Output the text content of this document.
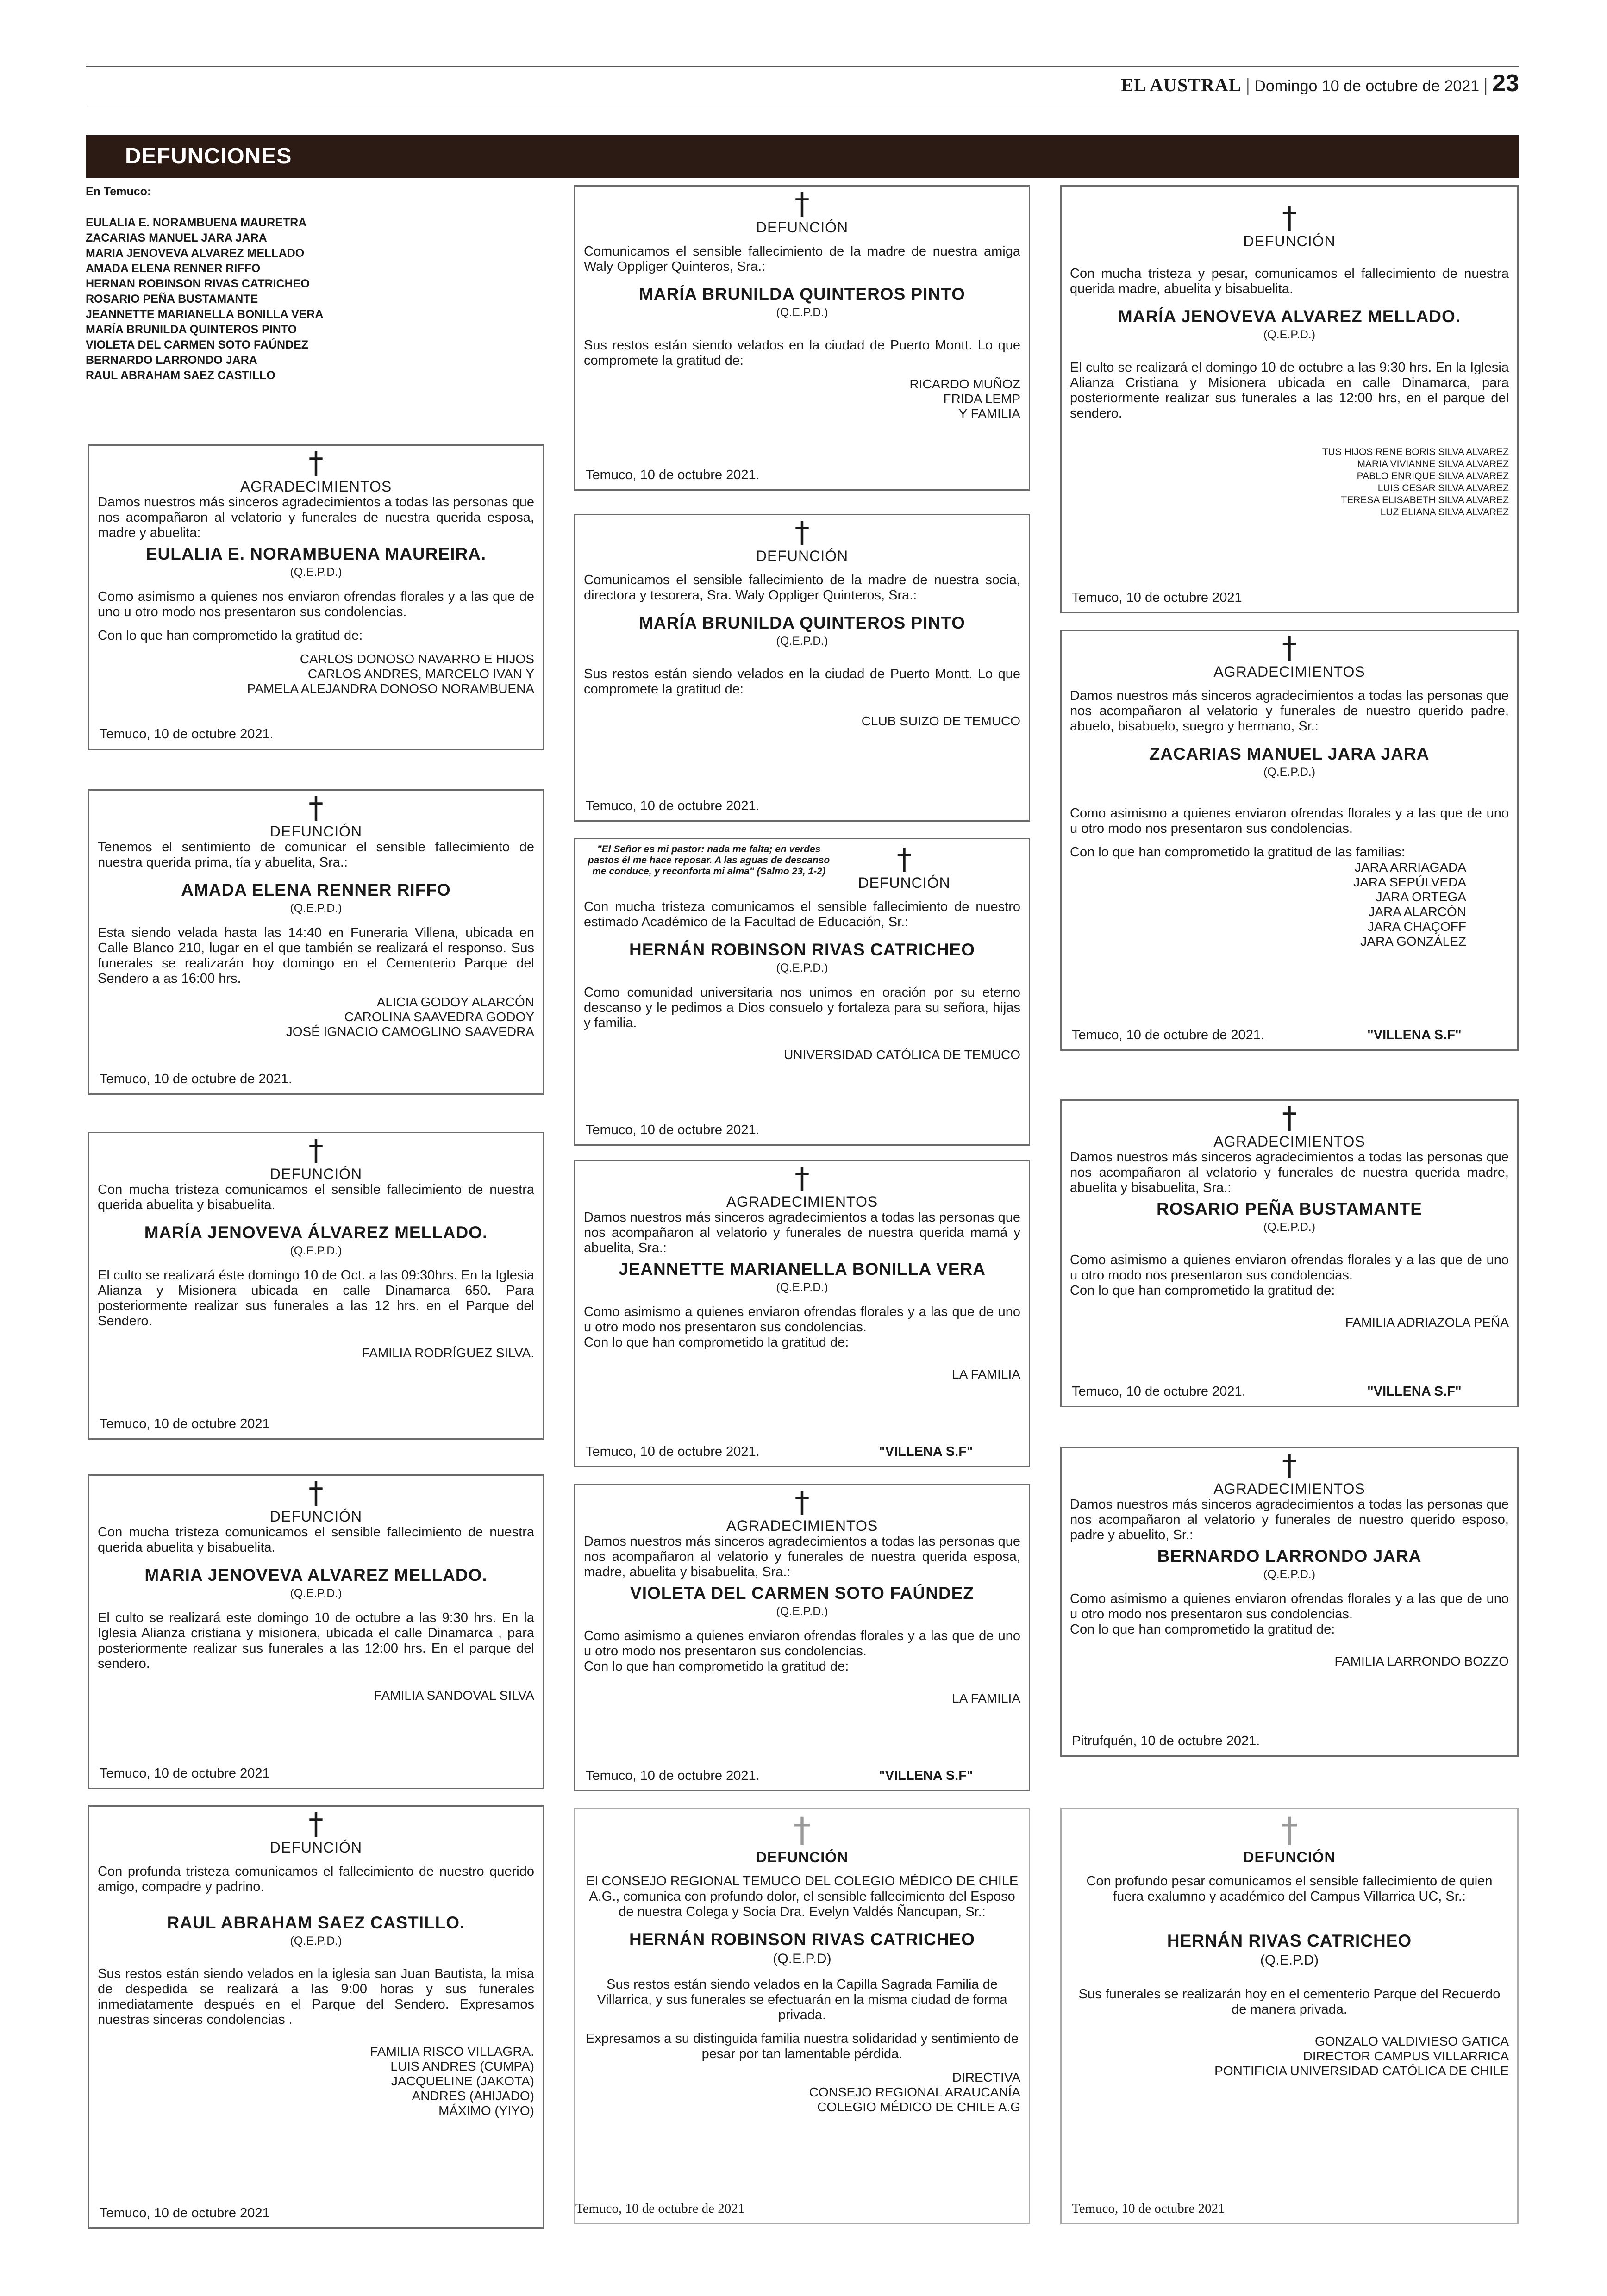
EL AUSTRAL | Domingo 10 de octubre de 2021 | 23
DEFUNCIONES
En Temuco:
EULALIA E. NORAMBUENA MAURETRA
ZACARIAS MANUEL JARA JARA
MARIA JENOVEVA ALVAREZ MELLADO
AMADA ELENA RENNER RIFFO
HERNAN ROBINSON RIVAS CATRICHEO
ROSARIO PEÑA BUSTAMANTE
JEANNETTE MARIANELLA BONILLA VERA
MARÍA BRUNILDA QUINTEROS PINTO
VIOLETA DEL CARMEN SOTO FAÚNDEZ
BERNARDO LARRONDO JARA
RAUL ABRAHAM SAEZ CASTILLO
†
AGRADECIMIENTOS
Damos nuestros más sinceros agradecimientos a todas las personas que nos acompañaron al velatorio y funerales de nuestra querida esposa, madre y abuelita:
EULALIA E. NORAMBUENA MAUREIRA.
(Q.E.P.D.)
Como asimismo a quienes nos enviaron ofrendas florales y a las que de uno u otro modo nos presentaron sus condolencias.
Con lo que han comprometido la gratitud de:
CARLOS DONOSO NAVARRO E HIJOS
CARLOS ANDRES, MARCELO IVAN Y
PAMELA ALEJANDRA DONOSO NORAMBUENA
Temuco, 10 de octubre 2021.
†
DEFUNCIÓN
Tenemos el sentimiento de comunicar el sensible fallecimiento de nuestra querida prima, tía y abuelita, Sra.:
AMADA ELENA RENNER RIFFO
(Q.E.P.D.)
Esta siendo velada hasta las 14:40 en Funeraria Villena, ubicada en Calle Blanco 210, lugar en el que también se realizará el responso. Sus funerales se realizarán hoy domingo en el Cementerio Parque del Sendero a as 16:00 hrs.
ALICIA GODOY ALARCÓN
CAROLINA SAAVEDRA GODOY
JOSÉ IGNACIO CAMOGLINO SAAVEDRA
Temuco, 10 de octubre de 2021.
†
DEFUNCIÓN
Con mucha tristeza comunicamos el sensible fallecimiento de nuestra querida abuelita y bisabuelita.
MARÍA JENOVEVA ÁLVAREZ MELLADO.
(Q.E.P.D.)
El culto se realizará éste domingo 10 de Oct. a las 09:30hrs. En la Iglesia Alianza y Misionera ubicada en calle Dinamarca 650. Para posteriormente realizar sus funerales a las 12 hrs. en el Parque del Sendero.
FAMILIA RODRÍGUEZ SILVA.
Temuco, 10 de octubre 2021
†
DEFUNCIÓN
Con mucha tristeza comunicamos el sensible fallecimiento de nuestra querida abuelita y bisabuelita.
MARIA JENOVEVA ALVAREZ MELLADO.
(Q.E.P.D.)
El culto se realizará este domingo 10 de octubre a las 9:30 hrs. En la Iglesia Alianza cristiana y misionera, ubicada el calle Dinamarca , para posteriormente realizar sus funerales a las 12:00 hrs. En el parque del sendero.
FAMILIA SANDOVAL SILVA
Temuco, 10 de octubre 2021
†
DEFUNCIÓN
Con profunda tristeza comunicamos el fallecimiento de nuestro querido amigo, compadre y padrino.
RAUL ABRAHAM SAEZ CASTILLO.
(Q.E.P.D.)
Sus restos están siendo velados en la iglesia san Juan Bautista, la misa de despedida se realizará a las 9:00 horas y sus funerales inmediatamente después en el Parque del Sendero. Expresamos nuestras sinceras condolencias .
FAMILIA RISCO VILLAGRA.
LUIS ANDRES (CUMPA)
JACQUELINE (JAKOTA)
ANDRES (AHIJADO)
MÁXIMO (YIYO)
Temuco, 10 de octubre 2021
†
DEFUNCIÓN
Comunicamos el sensible fallecimiento de la madre de nuestra amiga Waly Oppliger Quinteros, Sra.:
MARÍA BRUNILDA QUINTEROS PINTO
(Q.E.P.D.)
Sus restos están siendo velados en la ciudad de Puerto Montt. Lo que compromete la gratitud de:
RICARDO MUÑOZ
FRIDA LEMP
Y FAMILIA
Temuco, 10 de octubre 2021.
†
DEFUNCIÓN
Comunicamos el sensible fallecimiento de la madre de nuestra socia, directora y tesorera, Sra. Waly Oppliger Quinteros, Sra.:
MARÍA BRUNILDA QUINTEROS PINTO
(Q.E.P.D.)
Sus restos están siendo velados en la ciudad de Puerto Montt. Lo que compromete la gratitud de:
CLUB SUIZO DE TEMUCO
Temuco, 10 de octubre 2021.
"El Señor es mi pastor: nada me falta; en verdes pastos él me hace reposar. A las aguas de descanso me conduce, y reconforta mi alma" (Salmo 23, 1-2)	†
DEFUNCIÓN
Con mucha tristeza comunicamos el sensible fallecimiento de nuestro estimado Académico de la Facultad de Educación, Sr.:
HERNÁN ROBINSON RIVAS CATRICHEO
(Q.E.P.D.)
Como comunidad universitaria nos unimos en oración por su eterno descanso y le pedimos a Dios consuelo y fortaleza para su señora, hijas y familia.
UNIVERSIDAD CATÓLICA DE TEMUCO
Temuco, 10 de octubre 2021.
†
AGRADECIMIENTOS
Damos nuestros más sinceros agradecimientos a todas las personas que nos acompañaron al velatorio y funerales de nuestra querida mamá y abuelita, Sra.:
JEANNETTE MARIANELLA BONILLA VERA
(Q.E.P.D.)
Como asimismo a quienes enviaron ofrendas florales y a las que de uno u otro modo nos presentaron sus condolencias.
Con lo que han comprometido la gratitud de:
LA FAMILIA
Temuco, 10 de octubre 2021.	"VILLENA S.F"
†
AGRADECIMIENTOS
Damos nuestros más sinceros agradecimientos a todas las personas que nos acompañaron al velatorio y funerales de nuestra querida esposa, madre, abuelita y bisabuelita, Sra.:
VIOLETA DEL CARMEN SOTO FAÚNDEZ
(Q.E.P.D.)
Como asimismo a quienes enviaron ofrendas florales y a las que de uno u otro modo nos presentaron sus condolencias.
Con lo que han comprometido la gratitud de:
LA FAMILIA
Temuco, 10 de octubre 2021.	"VILLENA S.F"
†
DEFUNCIÓN
El CONSEJO REGIONAL TEMUCO DEL COLEGIO MÉDICO DE CHILE A.G., comunica con profundo dolor, el sensible fallecimiento del Esposo de nuestra Colega y Socia Dra. Evelyn Valdés Ñancupan, Sr.:
HERNÁN ROBINSON RIVAS CATRICHEO
(Q.E.P.D)
Sus restos están siendo velados en la Capilla Sagrada Familia de Villarrica, y sus funerales se efectuarán en la misma ciudad de forma privada.
Expresamos a su distinguida familia nuestra solidaridad y sentimiento de pesar por tan lamentable pérdida.
DIRECTIVA
CONSEJO REGIONAL ARAUCANÍA
COLEGIO MÉDICO DE CHILE A.G
Temuco, 10 de octubre de 2021
†
DEFUNCIÓN
Con mucha tristeza y pesar, comunicamos el fallecimiento de nuestra querida madre, abuelita y bisabuelita.
MARÍA JENOVEVA ALVAREZ MELLADO.
(Q.E.P.D.)
El culto se realizará el domingo 10 de octubre a las 9:30 hrs. En la Iglesia Alianza Cristiana y Misionera ubicada en calle Dinamarca, para posteriormente realizar sus funerales a las 12:00 hrs, en el parque del sendero.
TUS HIJOS RENE BORIS SILVA ALVAREZ
MARIA VIVIANNE SILVA ALVAREZ
PABLO ENRIQUE SILVA ALVAREZ
LUIS CESAR SILVA ALVAREZ
TERESA ELISABETH SILVA ALVAREZ
LUZ ELIANA SILVA ALVAREZ
Temuco, 10 de octubre 2021
†
AGRADECIMIENTOS
Damos nuestros más sinceros agradecimientos a todas las personas que nos acompañaron al velatorio y funerales de nuestro querido padre, abuelo, bisabuelo, suegro y hermano, Sr.:
ZACARIAS MANUEL JARA JARA
(Q.E.P.D.)
Como asimismo a quienes enviaron ofrendas florales y a las que de uno u otro modo nos presentaron sus condolencias.
Con lo que han comprometido la gratitud de las familias:
JARA ARRIAGADA
JARA SEPÚLVEDA
JARA ORTEGA
JARA ALARCÓN
JARA CHAÇOFF
JARA GONZÁLEZ
Temuco, 10 de octubre de 2021.	"VILLENA S.F"
†
AGRADECIMIENTOS
Damos nuestros más sinceros agradecimientos a todas las personas que nos acompañaron al velatorio y funerales de nuestra querida madre, abuelita y bisabuelita, Sra.:
ROSARIO PEÑA BUSTAMANTE
(Q.E.P.D.)
Como asimismo a quienes enviaron ofrendas florales y a las que de uno u otro modo nos presentaron sus condolencias.
Con lo que han comprometido la gratitud de:
FAMILIA ADRIAZOLA PEÑA
Temuco, 10 de octubre 2021.	"VILLENA S.F"
†
AGRADECIMIENTOS
Damos nuestros más sinceros agradecimientos a todas las personas que nos acompañaron al velatorio y funerales de nuestro querido esposo, padre y abuelito, Sr.:
BERNARDO LARRONDO JARA
(Q.E.P.D.)
Como asimismo a quienes enviaron ofrendas florales y a las que de uno u otro modo nos presentaron sus condolencias.
Con lo que han comprometido la gratitud de:
FAMILIA LARRONDO BOZZO
Pitrufquén, 10 de octubre 2021.
†
DEFUNCIÓN
Con profundo pesar comunicamos el sensible fallecimiento de quien fuera exalumno y académico del Campus Villarrica UC, Sr.:
HERNÁN RIVAS CATRICHEO
(Q.E.P.D)
Sus funerales se realizarán hoy en el cementerio Parque del Recuerdo de manera privada.
GONZALO VALDIVIESO GATICA
DIRECTOR CAMPUS VILLARRICA
PONTIFICIA UNIVERSIDAD CATÓLICA DE CHILE
Temuco, 10 de octubre 2021
